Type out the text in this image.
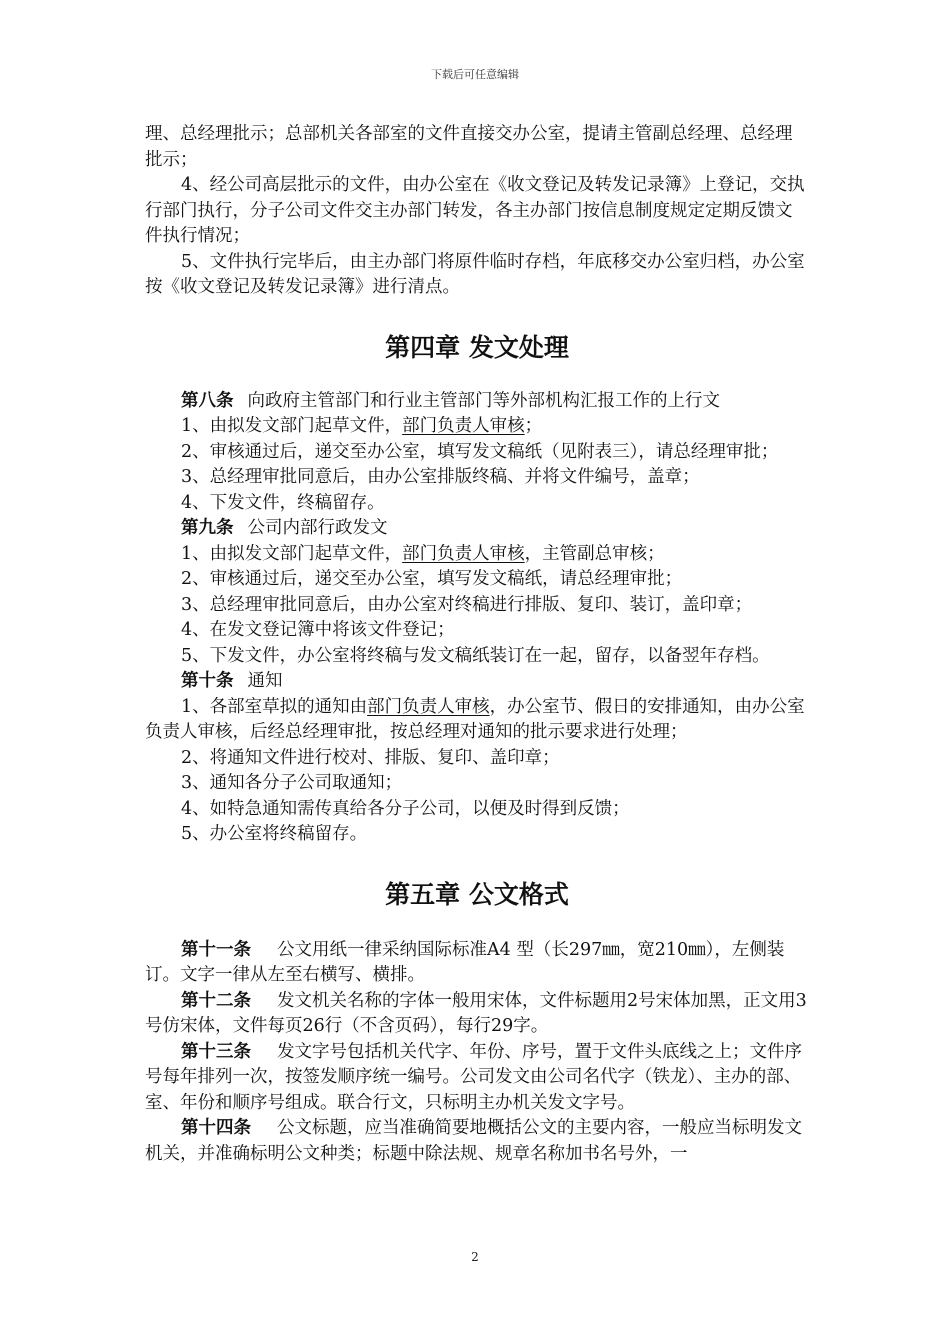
下载后可任意编辑

理、总经理批示；总部机关各部室的文件直接交办公室，提请主管副总经理、总经理批示；

4、经公司高层批示的文件，由办公室在《收文登记及转发记录簿》上登记，交执行部门执行，分子公司文件交主办部门转发，各主办部门按信息制度规定定期反馈文件执行情况；

5、文件执行完毕后，由主办部门将原件临时存档，年底移交办公室归档，办公室按《收文登记及转发记录簿》进行清点。

第四章 发文处理

第八条 向政府主管部门和行业主管部门等外部机构汇报工作的上行文

1、由拟发文部门起草文件，部门负责人审核；

2、审核通过后，递交至办公室，填写发文稿纸（见附表三），请总经理审批；

3、总经理审批同意后，由办公室排版终稿、并将文件编号，盖章；

4、下发文件，终稿留存。

第九条 公司内部行政发文

1、由拟发文部门起草文件，部门负责人审核，主管副总审核；

2、审核通过后，递交至办公室，填写发文稿纸，请总经理审批；

3、总经理审批同意后，由办公室对终稿进行排版、复印、装订，盖印章；

4、在发文登记簿中将该文件登记；

5、下发文件，办公室将终稿与发文稿纸装订在一起，留存，以备翌年存档。

第十条 通知

1、各部室草拟的通知由部门负责人审核，办公室节、假日的安排通知，由办公室负责人审核，后经总经理审批，按总经理对通知的批示要求进行处理；

2、将通知文件进行校对、排版、复印、盖印章；

3、通知各分子公司取通知；

4、如特急通知需传真给各分子公司，以便及时得到反馈；

5、办公室将终稿留存。

第五章 公文格式

第十一条 公文用纸一律采纳国际标准A4 型（长297㎜，宽210㎜），左侧装订。文字一律从左至右横写、横排。

第十二条 发文机关名称的字体一般用宋体，文件标题用2号宋体加黑，正文用3号仿宋体，文件每页26行（不含页码），每行29字。

第十三条 发文字号包括机关代字、年份、序号，置于文件头底线之上；文件序号每年排列一次，按签发顺序统一编号。公司发文由公司名代字（铁龙）、主办的部、室、年份和顺序号组成。联合行文，只标明主办机关发文字号。

第十四条 公文标题，应当准确简要地概括公文的主要内容，一般应当标明发文机关，并准确标明公文种类；标题中除法规、规章名称加书名号外，一

2
